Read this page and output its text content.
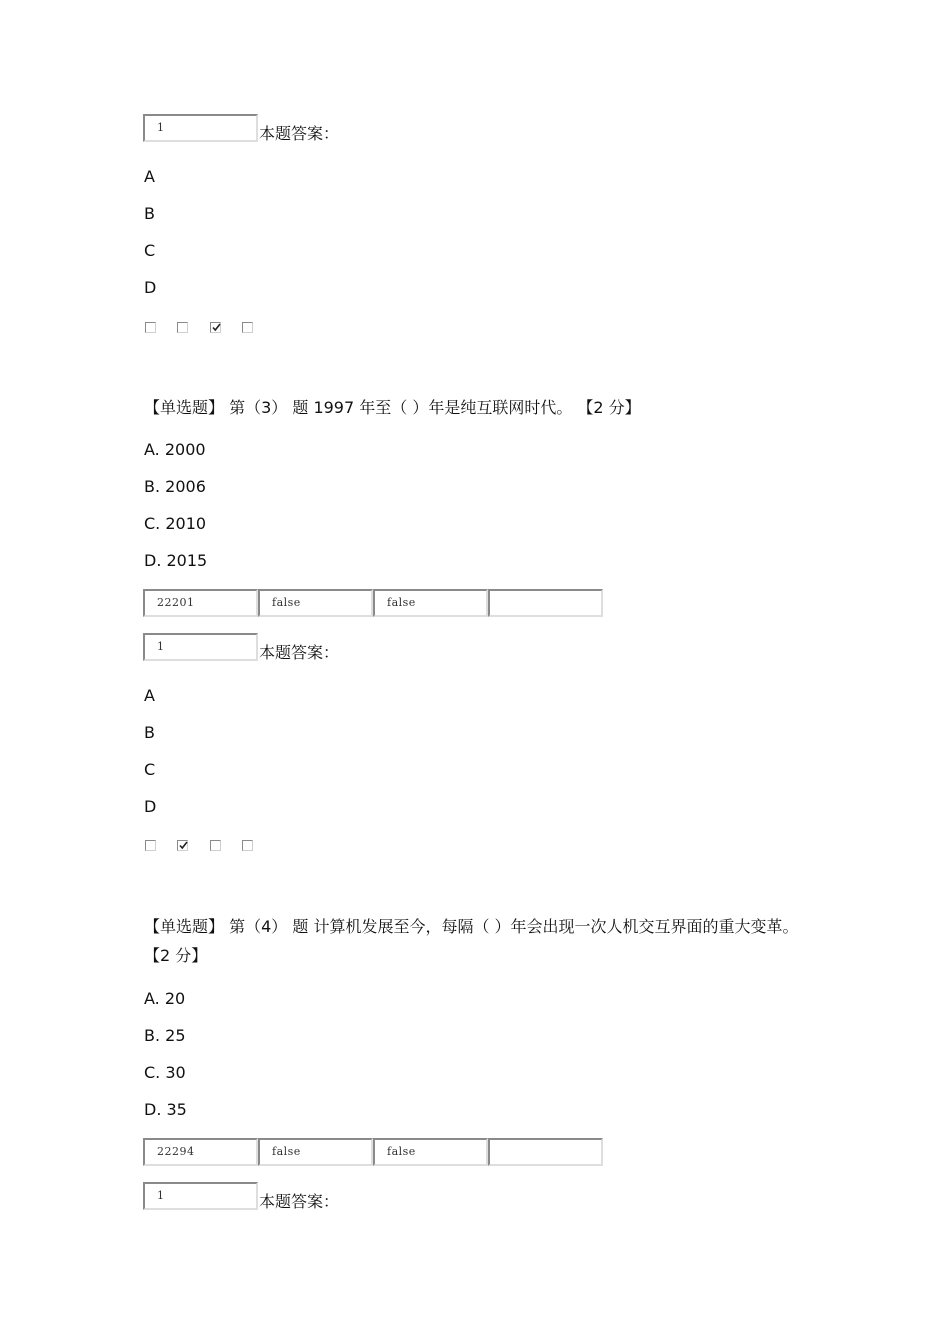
1	本题答案：
A
B
C
D
【单选题】 第（3） 题 1997 年至（ ）年是纯互联网时代。 【2 分】
A. 2000
B. 2006
C. 2010
D. 2015
22201	false	false
1	本题答案：
A
B
C
D
【单选题】 第（4） 题 计算机发展至今，每隔（ ）年会出现一次人机交互界面的重大变革。 【2 分】
A. 20
B. 25
C. 30
D. 35
22294	false	false
1	本题答案：
